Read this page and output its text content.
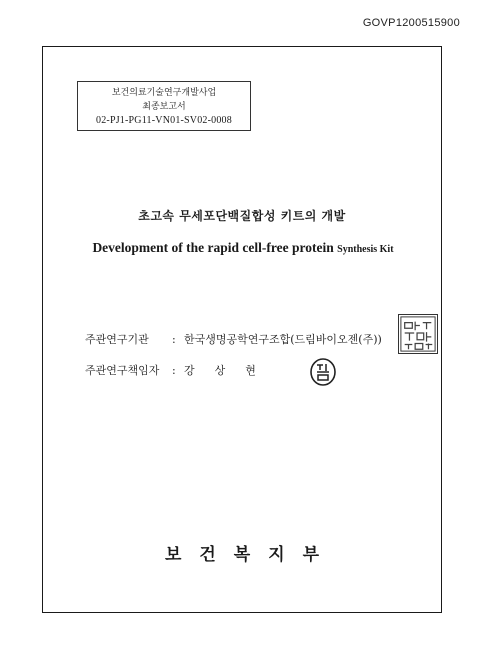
GOVP1200515900
보건의료기술연구개발사업
최종보고서
02-PJ1-PG11-VN01-SV02-0008
초고속 무세포단백질합성 키트의 개발
Development of the rapid cell-free protein Synthesis Kit
주관연구기관 : 한국생명공학연구조합(드림바이오젠(주))
주관연구책임자 : 강상현
보건복지부
